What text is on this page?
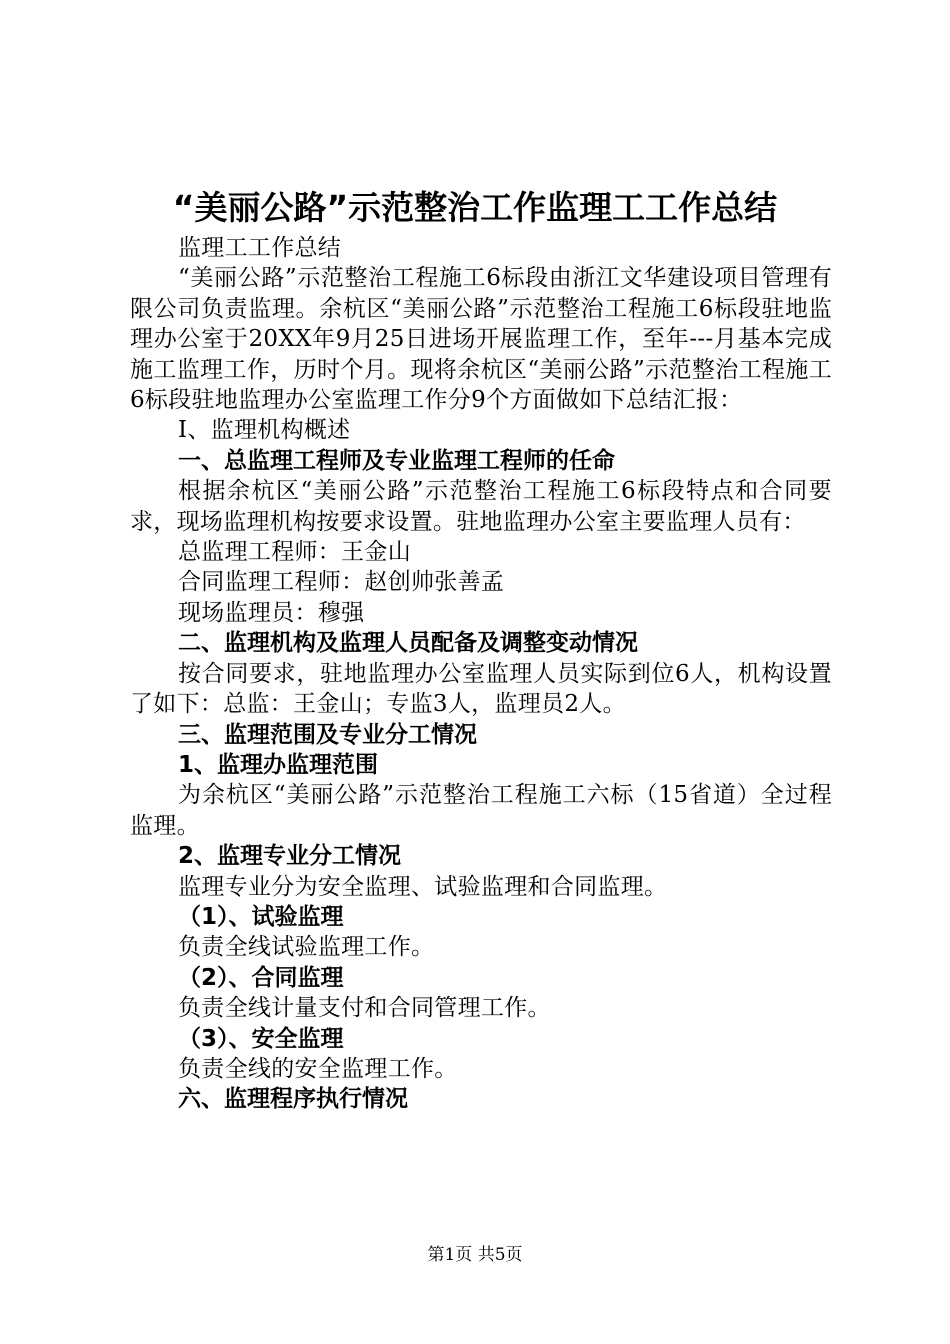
“美丽公路”示范整治工作监理工工作总结

监理工工作总结

“美丽公路”示范整治工程施工6标段由浙江文华建设项目管理有限公司负责监理。余杭区“美丽公路”示范整治工程施工6标段驻地监理办公室于20XX年9月25日进场开展监理工作，至年---月基本完成施工监理工作，历时个月。现将余杭区“美丽公路”示范整治工程施工6标段驻地监理办公室监理工作分9个方面做如下总结汇报：

Ⅰ、监理机构概述

一、总监理工程师及专业监理工程师的任命

根据余杭区“美丽公路”示范整治工程施工6标段特点和合同要求，现场监理机构按要求设置。驻地监理办公室主要监理人员有：

总监理工程师：王金山

合同监理工程师：赵创帅张善孟

现场监理员：穆强

二、监理机构及监理人员配备及调整变动情况

按合同要求，驻地监理办公室监理人员实际到位6人，机构设置了如下：总监：王金山；专监3人，监理员2人。

三、监理范围及专业分工情况

1、监理办监理范围

为余杭区“美丽公路”示范整治工程施工六标（15省道）全过程监理。

2、监理专业分工情况

监理专业分为安全监理、试验监理和合同监理。

（1）、试验监理

负责全线试验监理工作。

（2）、合同监理

负责全线计量支付和合同管理工作。

（3）、安全监理

负责全线的安全监理工作。

六、监理程序执行情况

第1页 共5页
